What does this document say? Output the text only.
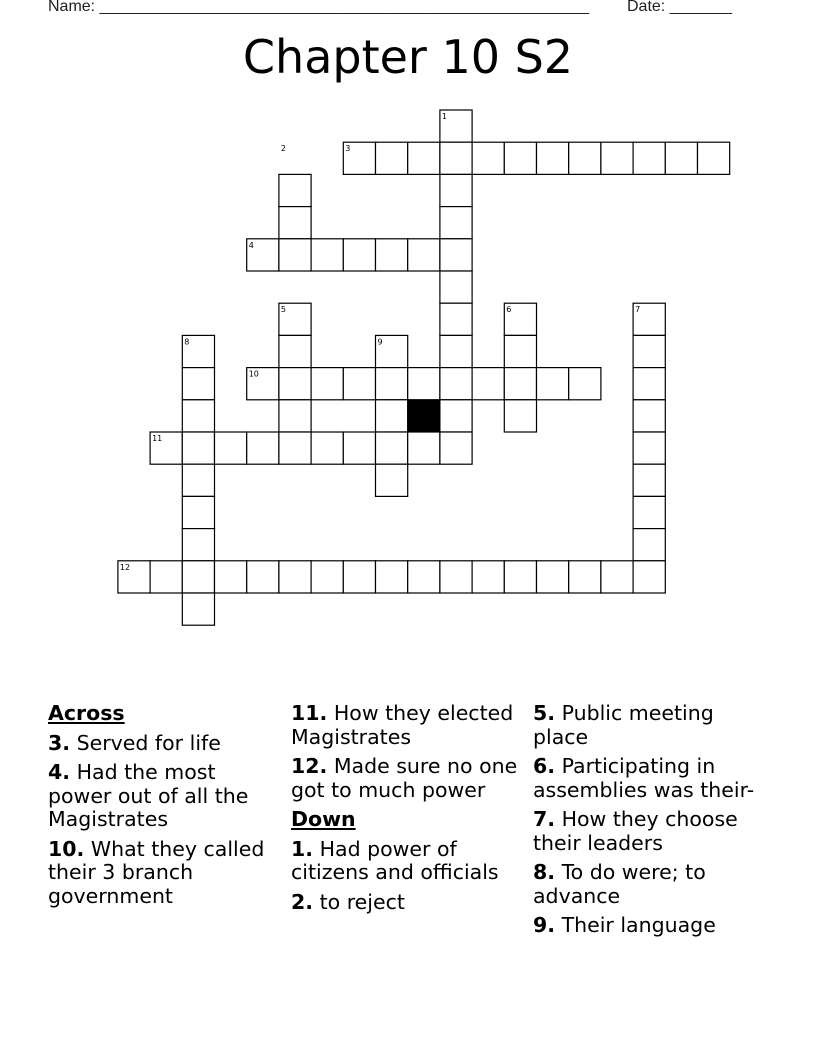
Name: _______________________________________________________ Date: _______
Chapter 10 S2
1
2	3
4
5	6	7
8	9
10
11
12
Across
3. Served for life
4. Had the most power out of all the Magistrates
10. What they called their 3 branch government
11. How they elected Magistrates
12. Made sure no one got to much power
Down
1. Had power of citizens and officials
2. to reject
5. Public meeting place
6. Participating in assemblies was their-
7. How they choose their leaders
8. To do were; to advance
9. Their language
